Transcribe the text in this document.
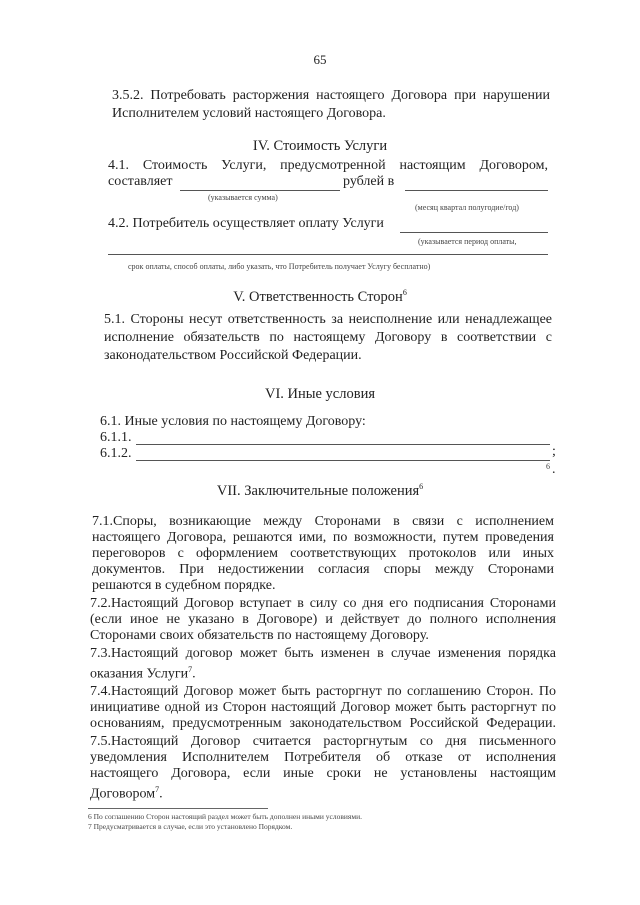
65
3.5.2. Потребовать расторжения настоящего Договора при нарушении
Исполнителем условий настоящего Договора.
IV. Стоимость Услуги
4.1. Стоимость Услуги, предусмотренной настоящим Договором,
составляет	рублей в
(указывается сумма)
(месяц квартал полугодие/год)
4.2. Потребитель осуществляет оплату Услуги
(указывается период оплаты,
срок оплаты, способ оплаты, либо указать, что Потребитель получает Услугу бесплатно)
V. Ответственность Сторон$^6$
5.1. Стороны несут ответственность за неисполнение или ненадлежащее
исполнение обязательств по настоящему Договору в соответствии с
законодательством Российской Федерации.
VI. Иные условия
6.1. Иные условия по настоящему Договору:
6.1.1.
6.1.2.	;
6 .
VII. Заключительные положения$^6$
7.1.Споры, возникающие между Сторонами в связи с исполнением
настоящего Договора, решаются ими, по возможности, путем проведения
переговоров с оформлением соответствующих протоколов или иных
документов. При недостижении согласия споры между Сторонами
решаются в судебном порядке.
7.2.Настоящий Договор вступает в силу со дня его подписания Сторонами
(если иное не указано в Договоре) и действует до полного исполнения
Сторонами своих обязательств по настоящему Договору.
7.3.Настоящий договор может быть изменен в случае изменения порядка
оказания Услуги$^7$.
7.4.Настоящий Договор может быть расторгнут по соглашению Сторон. По
инициативе одной из Сторон настоящий Договор может быть расторгнут по
основаниям, предусмотренным законодательством Российской Федерации.
7.5.Настоящий Договор считается расторгнутым со дня письменного
уведомления Исполнителем Потребителя об отказе от исполнения
настоящего Договора, если иные сроки не установлены настоящим
Договором$^7$.
6 По соглашению Сторон настоящий раздел может быть дополнен иными условиями.
7 Предусматривается в случае, если это установлено Порядком.
